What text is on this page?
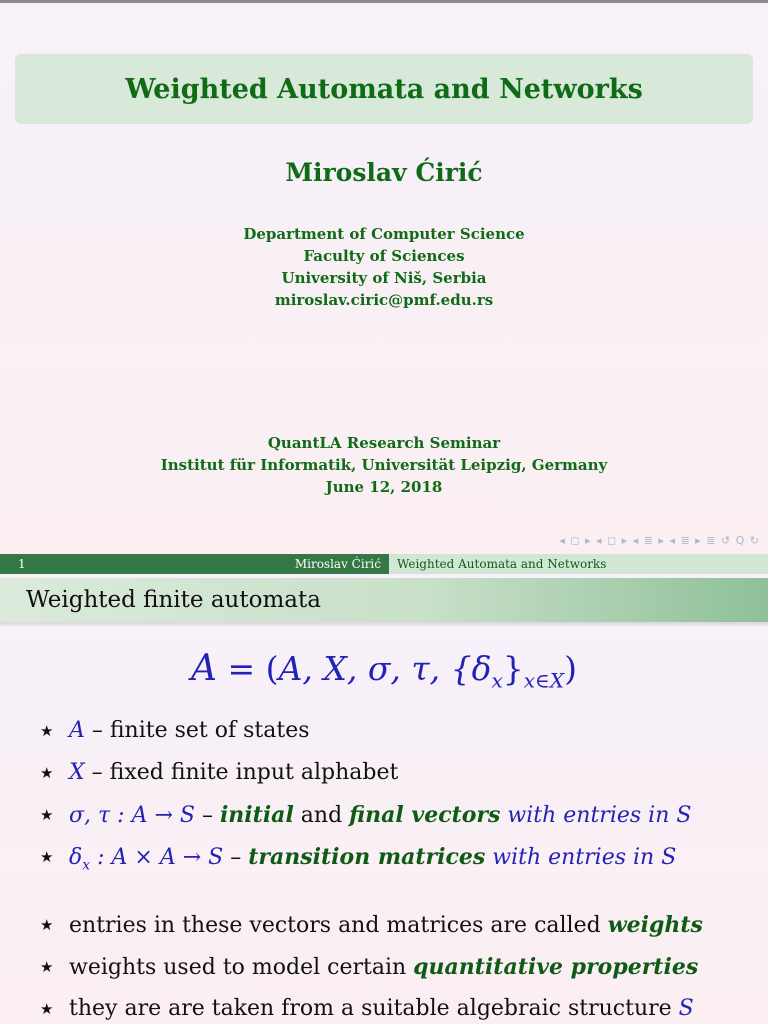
Weighted Automata and Networks
Miroslav Ćirić
Department of Computer Science
Faculty of Sciences
University of Niš, Serbia
miroslav.ciric@pmf.edu.rs
QuantLA Research Seminar
Institut für Informatik, Universität Leipzig, Germany
June 12, 2018
◂ ◻ ▸ ◂ ◻ ▸ ◂ ≣ ▸ ◂ ≣ ▸ ≣ ↺ Q ↻
1	Miroslav Ćirić Weighted Automata and Networks
Weighted finite automata
A = (A, X, σ, τ, $\{\delta_x\}_{x\in X}$)
★ A – finite set of states
★ X – fixed finite input alphabet
★ σ, τ : A → S – initial and final vectors with entries in S
★ $\delta_x$ : A × A → S – transition matrices with entries in S
★ entries in these vectors and matrices are called weights
★ weights used to model certain quantitative properties
★ they are are taken from a suitable algebraic structure S
